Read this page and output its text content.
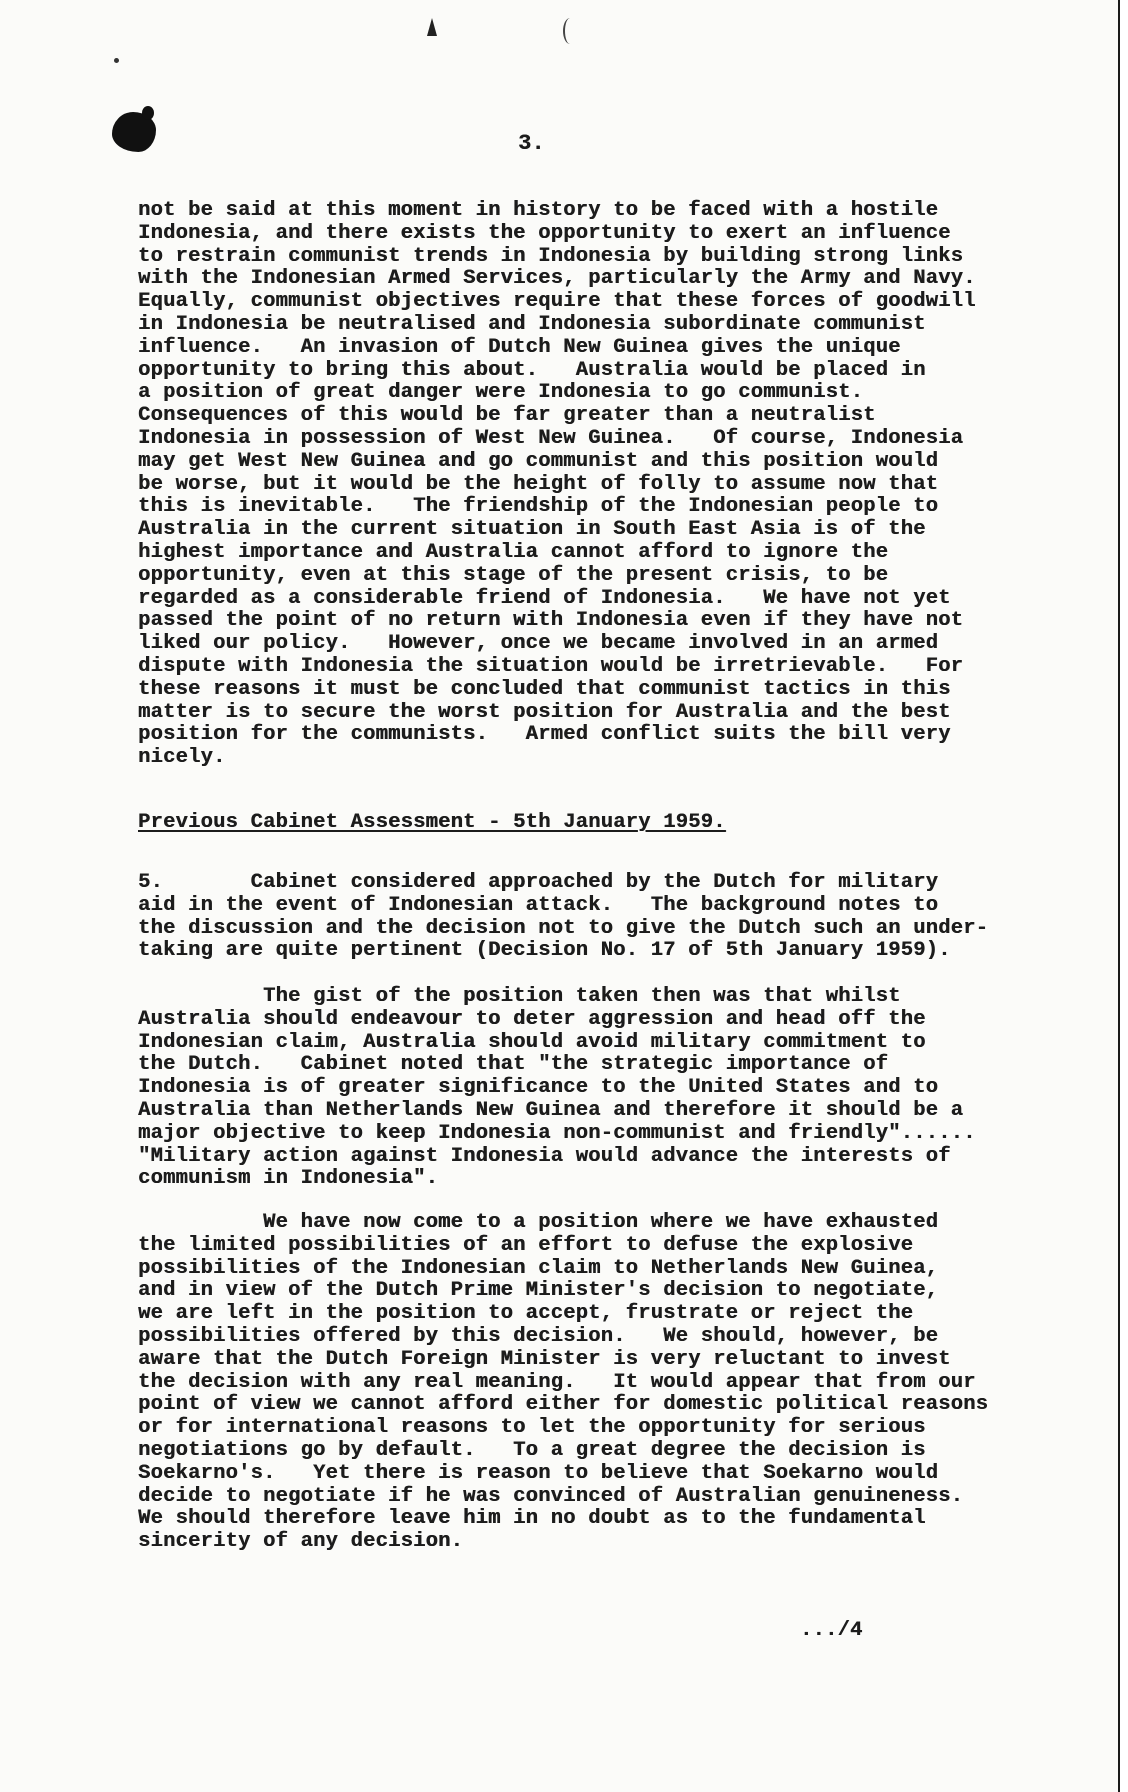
3.

not be said at this moment in history to be faced with a hostile
Indonesia, and there exists the opportunity to exert an influence
to restrain communist trends in Indonesia by building strong links
with the Indonesian Armed Services, particularly the Army and Navy.
Equally, communist objectives require that these forces of goodwill
in Indonesia be neutralised and Indonesia subordinate communist
influence.   An invasion of Dutch New Guinea gives the unique
opportunity to bring this about.   Australia would be placed in
a position of great danger were Indonesia to go communist.
Consequences of this would be far greater than a neutralist
Indonesia in possession of West New Guinea.   Of course, Indonesia
may get West New Guinea and go communist and this position would
be worse, but it would be the height of folly to assume now that
this is inevitable.   The friendship of the Indonesian people to
Australia in the current situation in South East Asia is of the
highest importance and Australia cannot afford to ignore the
opportunity, even at this stage of the present crisis, to be
regarded as a considerable friend of Indonesia.   We have not yet
passed the point of no return with Indonesia even if they have not
liked our policy.   However, once we became involved in an armed
dispute with Indonesia the situation would be irretrievable.   For
these reasons it must be concluded that communist tactics in this
matter is to secure the worst position for Australia and the best
position for the communists.   Armed conflict suits the bill very
nicely.

Previous Cabinet Assessment - 5th January 1959.

5.       Cabinet considered approached by the Dutch for military
aid in the event of Indonesian attack.   The background notes to
the discussion and the decision not to give the Dutch such an under-
taking are quite pertinent (Decision No. 17 of 5th January 1959).

The gist of the position taken then was that whilst
Australia should endeavour to deter aggression and head off the
Indonesian claim, Australia should avoid military commitment to
the Dutch.   Cabinet noted that "the strategic importance of
Indonesia is of greater significance to the United States and to
Australia than Netherlands New Guinea and therefore it should be a
major objective to keep Indonesia non-communist and friendly"......
"Military action against Indonesia would advance the interests of
communism in Indonesia".

We have now come to a position where we have exhausted
the limited possibilities of an effort to defuse the explosive
possibilities of the Indonesian claim to Netherlands New Guinea,
and in view of the Dutch Prime Minister's decision to negotiate,
we are left in the position to accept, frustrate or reject the
possibilities offered by this decision.   We should, however, be
aware that the Dutch Foreign Minister is very reluctant to invest
the decision with any real meaning.   It would appear that from our
point of view we cannot afford either for domestic political reasons
or for international reasons to let the opportunity for serious
negotiations go by default.   To a great degree the decision is
Soekarno's.   Yet there is reason to believe that Soekarno would
decide to negotiate if he was convinced of Australian genuineness.
We should therefore leave him in no doubt as to the fundamental
sincerity of any decision.

.../4
